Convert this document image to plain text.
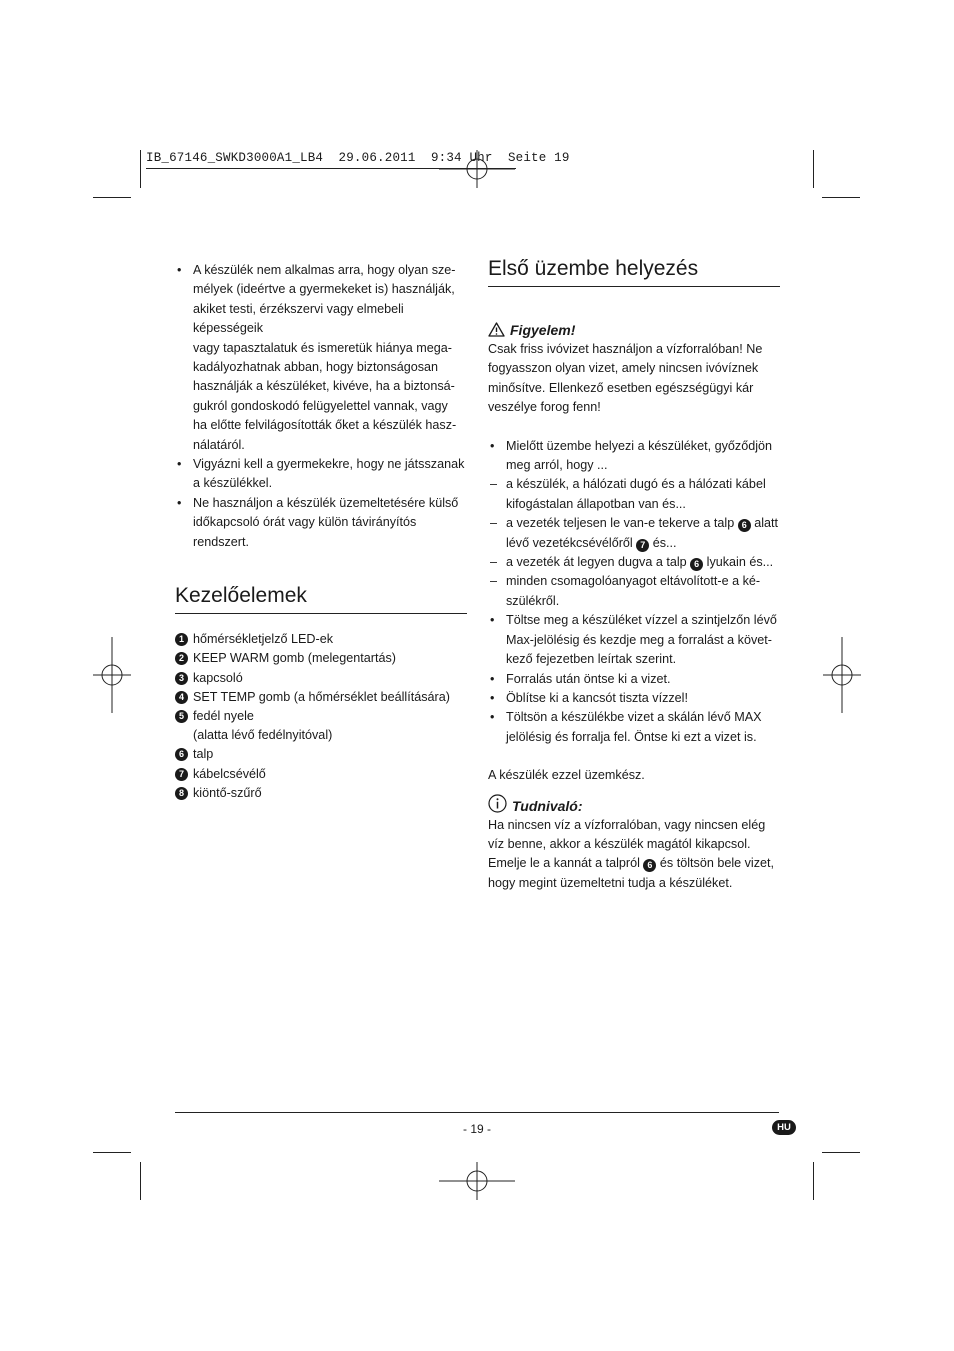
IB_67146_SWKD3000A1_LB4  29.06.2011  9:34 Uhr  Seite 19
• A készülék nem alkalmas arra, hogy olyan sze-
mélyek (ideértve a gyermekeket is) használják,
akiket testi, érzékszervi vagy elmebeli képességeik
vagy tapasztalatuk és ismeretük hiánya mega-
kadályozhatnak abban, hogy biztonságosan
használják a készüléket, kivéve, ha a biztonsá-
gukról gondoskodó felügyelettel vannak, vagy
ha előtte felvilágosították őket a készülék hasz-
nálatáról.
• Vigyázni kell a gyermekekre, hogy ne játsszanak
a készülékkel.
• Ne használjon a készülék üzemeltetésére külső
időkapcsoló órát vagy külön távirányítós rendszert.
Kezelőelemek
1 hőmérsékletjelző LED-ek
2 KEEP WARM gomb (melegentartás)
3 kapcsoló
4 SET TEMP gomb (a hőmérséklet beállítására)
5 fedél nyele
(alatta lévő fedélnyitóval)
6 talp
7 kábelcsévélő
8 kiöntő-szűrő
Első üzembe helyezés

Figyelem!

Csak friss ivóvizet használjon a vízforralóban! Ne

fogyasszon olyan vizet, amely nincsen ivóvíznek

minősítve. Ellenkező esetben egészségügyi kár

veszélye forog fenn!

• Mielőtt üzembe helyezi a készüléket, győződjön
meg arról, hogy ...
– a készülék, a hálózati dugó és a hálózati kábel
kifogástalan állapotban van és...
– a vezeték teljesen le van-e tekerve a talp 6 alatt
lévő vezetékcsévélőről 7 és...
– a vezeték át legyen dugva a talp 6 lyukain és...
– minden csomagolóanyagot eltávolított-e a ké-
szülékről.
• Töltse meg a készüléket vízzel a szintjelzőn lévő
Max-jelölésig és kezdje meg a forralást a követ-
kező fejezetben leírtak szerint.
• Forralás után öntse ki a vizet.
• Öblítse ki a kancsót tiszta vízzel!
• Töltsön a készülékbe vizet a skálán lévő MAX
jelölésig és forralja fel. Öntse ki ezt a vizet is.

A készülék ezzel üzemkész.

Tudnivaló:

Ha nincsen víz a vízforralóban, vagy nincsen elég

víz benne, akkor a készülék magától kikapcsol.

Emelje le a kannát a talpról 6 és töltsön bele vizet,

hogy megint üzemeltetni tudja a készüléket.

- 19 -	HU
